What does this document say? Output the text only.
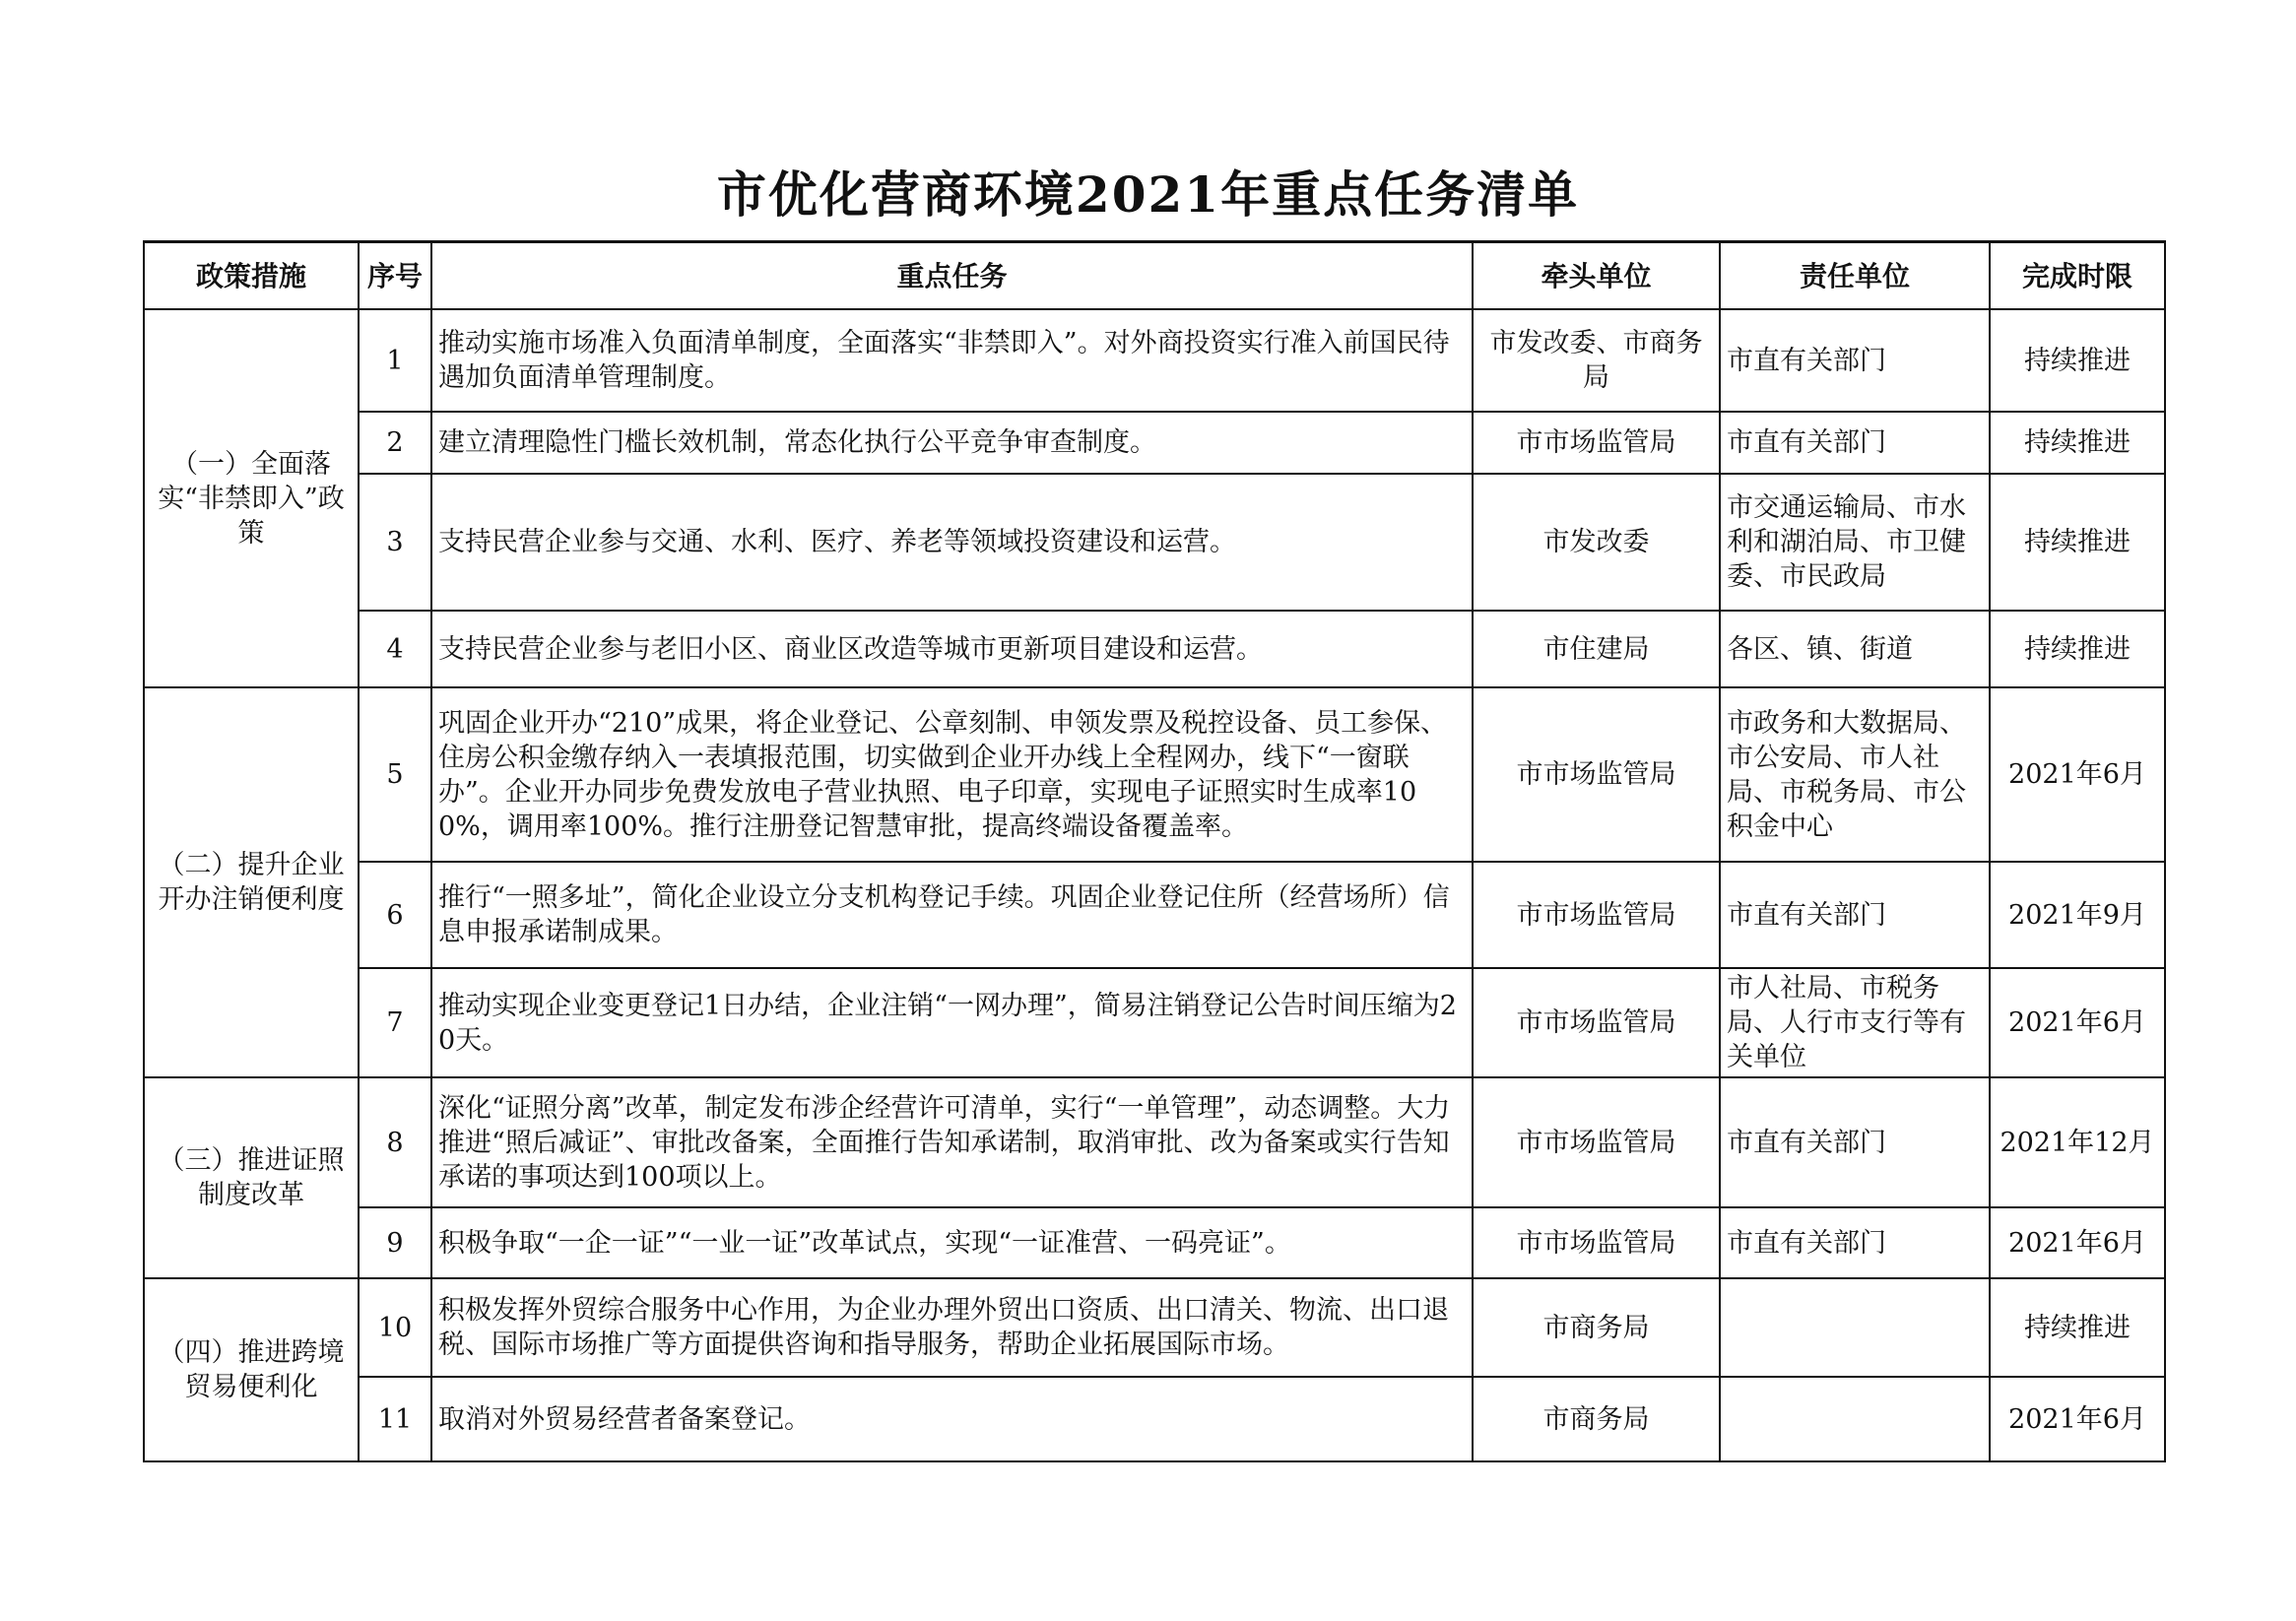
市优化营商环境2021年重点任务清单
政策措施	序号	重点任务	牵头单位	责任单位	完成时限
（一）全面落实“非禁即入”政策	1	推动实施市场准入负面清单制度，全面落实“非禁即入”。对外商投资实行准入前国民待遇加负面清单管理制度。	市发改委、市商务局	市直有关部门	持续推进
	2	建立清理隐性门槛长效机制，常态化执行公平竞争审查制度。	市市场监管局	市直有关部门	持续推进
	3	支持民营企业参与交通、水利、医疗、养老等领域投资建设和运营。	市发改委	市交通运输局、市水利和湖泊局、市卫健委、市民政局	持续推进
	4	支持民营企业参与老旧小区、商业区改造等城市更新项目建设和运营。	市住建局	各区、镇、街道	持续推进
（二）提升企业开办注销便利度	5	巩固企业开办“210”成果，将企业登记、公章刻制、申领发票及税控设备、员工参保、住房公积金缴存纳入一表填报范围，切实做到企业开办线上全程网办，线下“一窗联办”。企业开办同步免费发放电子营业执照、电子印章，实现电子证照实时生成率100%，调用率100%。推行注册登记智慧审批，提高终端设备覆盖率。	市市场监管局	市政务和大数据局、市公安局、市人社局、市税务局、市公积金中心	2021年6月
	6	推行“一照多址”，简化企业设立分支机构登记手续。巩固企业登记住所（经营场所）信息申报承诺制成果。	市市场监管局	市直有关部门	2021年9月
	7	推动实现企业变更登记1日办结，企业注销“一网办理”，简易注销登记公告时间压缩为20天。	市市场监管局	市人社局、市税务局、人行市支行等有关单位	2021年6月
（三）推进证照制度改革	8	深化“证照分离”改革，制定发布涉企经营许可清单，实行“一单管理”，动态调整。大力推进“照后减证”、审批改备案，全面推行告知承诺制，取消审批、改为备案或实行告知承诺的事项达到100项以上。	市市场监管局	市直有关部门	2021年12月
	9	积极争取“一企一证”“一业一证”改革试点，实现“一证准营、一码亮证”。	市市场监管局	市直有关部门	2021年6月
（四）推进跨境贸易便利化	10	积极发挥外贸综合服务中心作用，为企业办理外贸出口资质、出口清关、物流、出口退税、国际市场推广等方面提供咨询和指导服务，帮助企业拓展国际市场。	市商务局		持续推进
	11	取消对外贸易经营者备案登记。	市商务局		2021年6月
